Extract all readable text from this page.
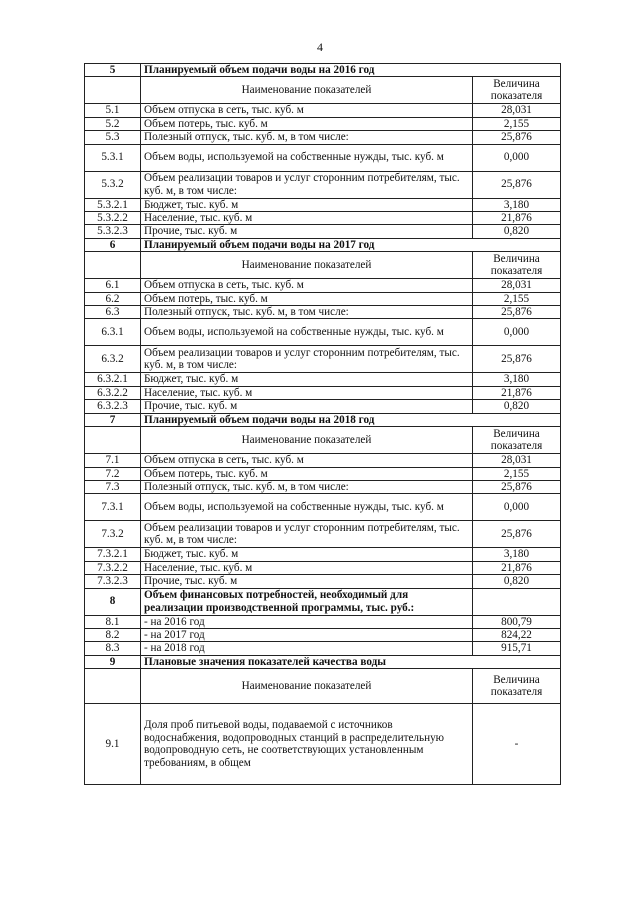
4
5	Планируемый объем подачи воды на 2016 год	
	Наименование показателей	Величина показателя
5.1	Объем отпуска в сеть, тыс. куб. м	28,031
5.2	Объем потерь, тыс. куб. м	2,155
5.3	Полезный отпуск, тыс. куб. м, в том числе:	25,876
5.3.1	Объем воды, используемой на собственные нужды, тыс. куб. м	0,000
5.3.2	Объем реализации товаров и услуг сторонним потребителям, тыс. куб. м, в том числе:	25,876
5.3.2.1	Бюджет, тыс. куб. м	3,180
5.3.2.2	Население, тыс. куб. м	21,876
5.3.2.3	Прочие, тыс. куб. м	0,820
6	Планируемый объем подачи воды на 2017 год	
	Наименование показателей	Величина показателя
6.1	Объем отпуска в сеть, тыс. куб. м	28,031
6.2	Объем потерь, тыс. куб. м	2,155
6.3	Полезный отпуск, тыс. куб. м, в том числе:	25,876
6.3.1	Объем воды, используемой на собственные нужды, тыс. куб. м	0,000
6.3.2	Объем реализации товаров и услуг сторонним потребителям, тыс. куб. м, в том числе:	25,876
6.3.2.1	Бюджет, тыс. куб. м	3,180
6.3.2.2	Население, тыс. куб. м	21,876
6.3.2.3	Прочие, тыс. куб. м	0,820
7	Планируемый объем подачи воды на 2018 год	
	Наименование показателей	Величина показателя
7.1	Объем отпуска в сеть, тыс. куб. м	28,031
7.2	Объем потерь, тыс. куб. м	2,155
7.3	Полезный отпуск, тыс. куб. м, в том числе:	25,876
7.3.1	Объем воды, используемой на собственные нужды, тыс. куб. м	0,000
7.3.2	Объем реализации товаров и услуг сторонним потребителям, тыс. куб. м, в том числе:	25,876
7.3.2.1	Бюджет, тыс. куб. м	3,180
7.3.2.2	Население, тыс. куб. м	21,876
7.3.2.3	Прочие, тыс. куб. м	0,820
8	Объем финансовых потребностей, необходимый для реализации производственной программы, тыс. руб.:	
8.1	- на 2016 год	800,79
8.2	- на 2017 год	824,22
8.3	- на 2018 год	915,71
9	Плановые значения показателей качества воды	
	Наименование показателей	Величина показателя
9.1	Доля проб питьевой воды, подаваемой с источников водоснабжения, водопроводных станций в распределительную водопроводную сеть, не соответствующих установленным требованиям, в общем	-
